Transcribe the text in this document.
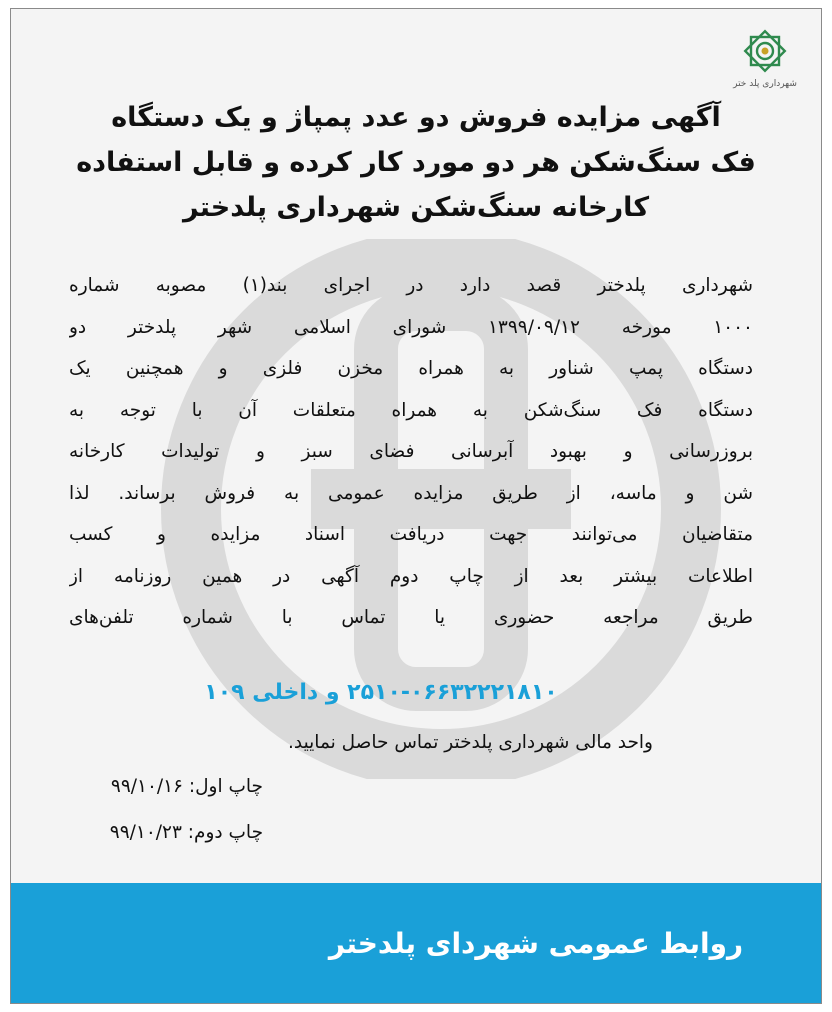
شهرداری پلد ختر
آگهی مزایده فروش دو عدد پمپاژ و یک دستگاه
فک سنگ‌شکن هر دو مورد کار کرده و قابل استفاده
کارخانه سنگ‌شکن شهرداری پلدختر
شهرداری پلدختر قصد دارد در اجرای بند(۱) مصوبه شماره
۱۰۰۰ مورخه ۱۳۹۹/۰۹/۱۲ شورای اسلامی شهر پلدختر دو
دستگاه پمپ شناور به همراه مخزن فلزی و همچنین یک
دستگاه فک سنگ‌شکن به همراه متعلقات آن با توجه به
بروزرسانی و بهبود آبرسانی فضای سبز و تولیدات کارخانه
شن و ماسه، از طریق مزایده عمومی به فروش برساند. لذا
متقاضیان می‌توانند جهت دریافت اسناد مزایده و کسب
اطلاعات بیشتر بعد از چاپ دوم آگهی در همین روزنامه از
طریق مراجعه حضوری یا تماس با شماره تلفن‌های
۲۵۱۰-۰۶۶۳۲۲۲۱۸۱۰ و داخلی ۱۰۹
واحد مالی شهرداری پلدختر تماس حاصل نمایید.
چاپ اول: ۹۹/۱۰/۱۶
چاپ دوم: ۹۹/۱۰/۲۳
روابط عمومی شهردای پلدختر
